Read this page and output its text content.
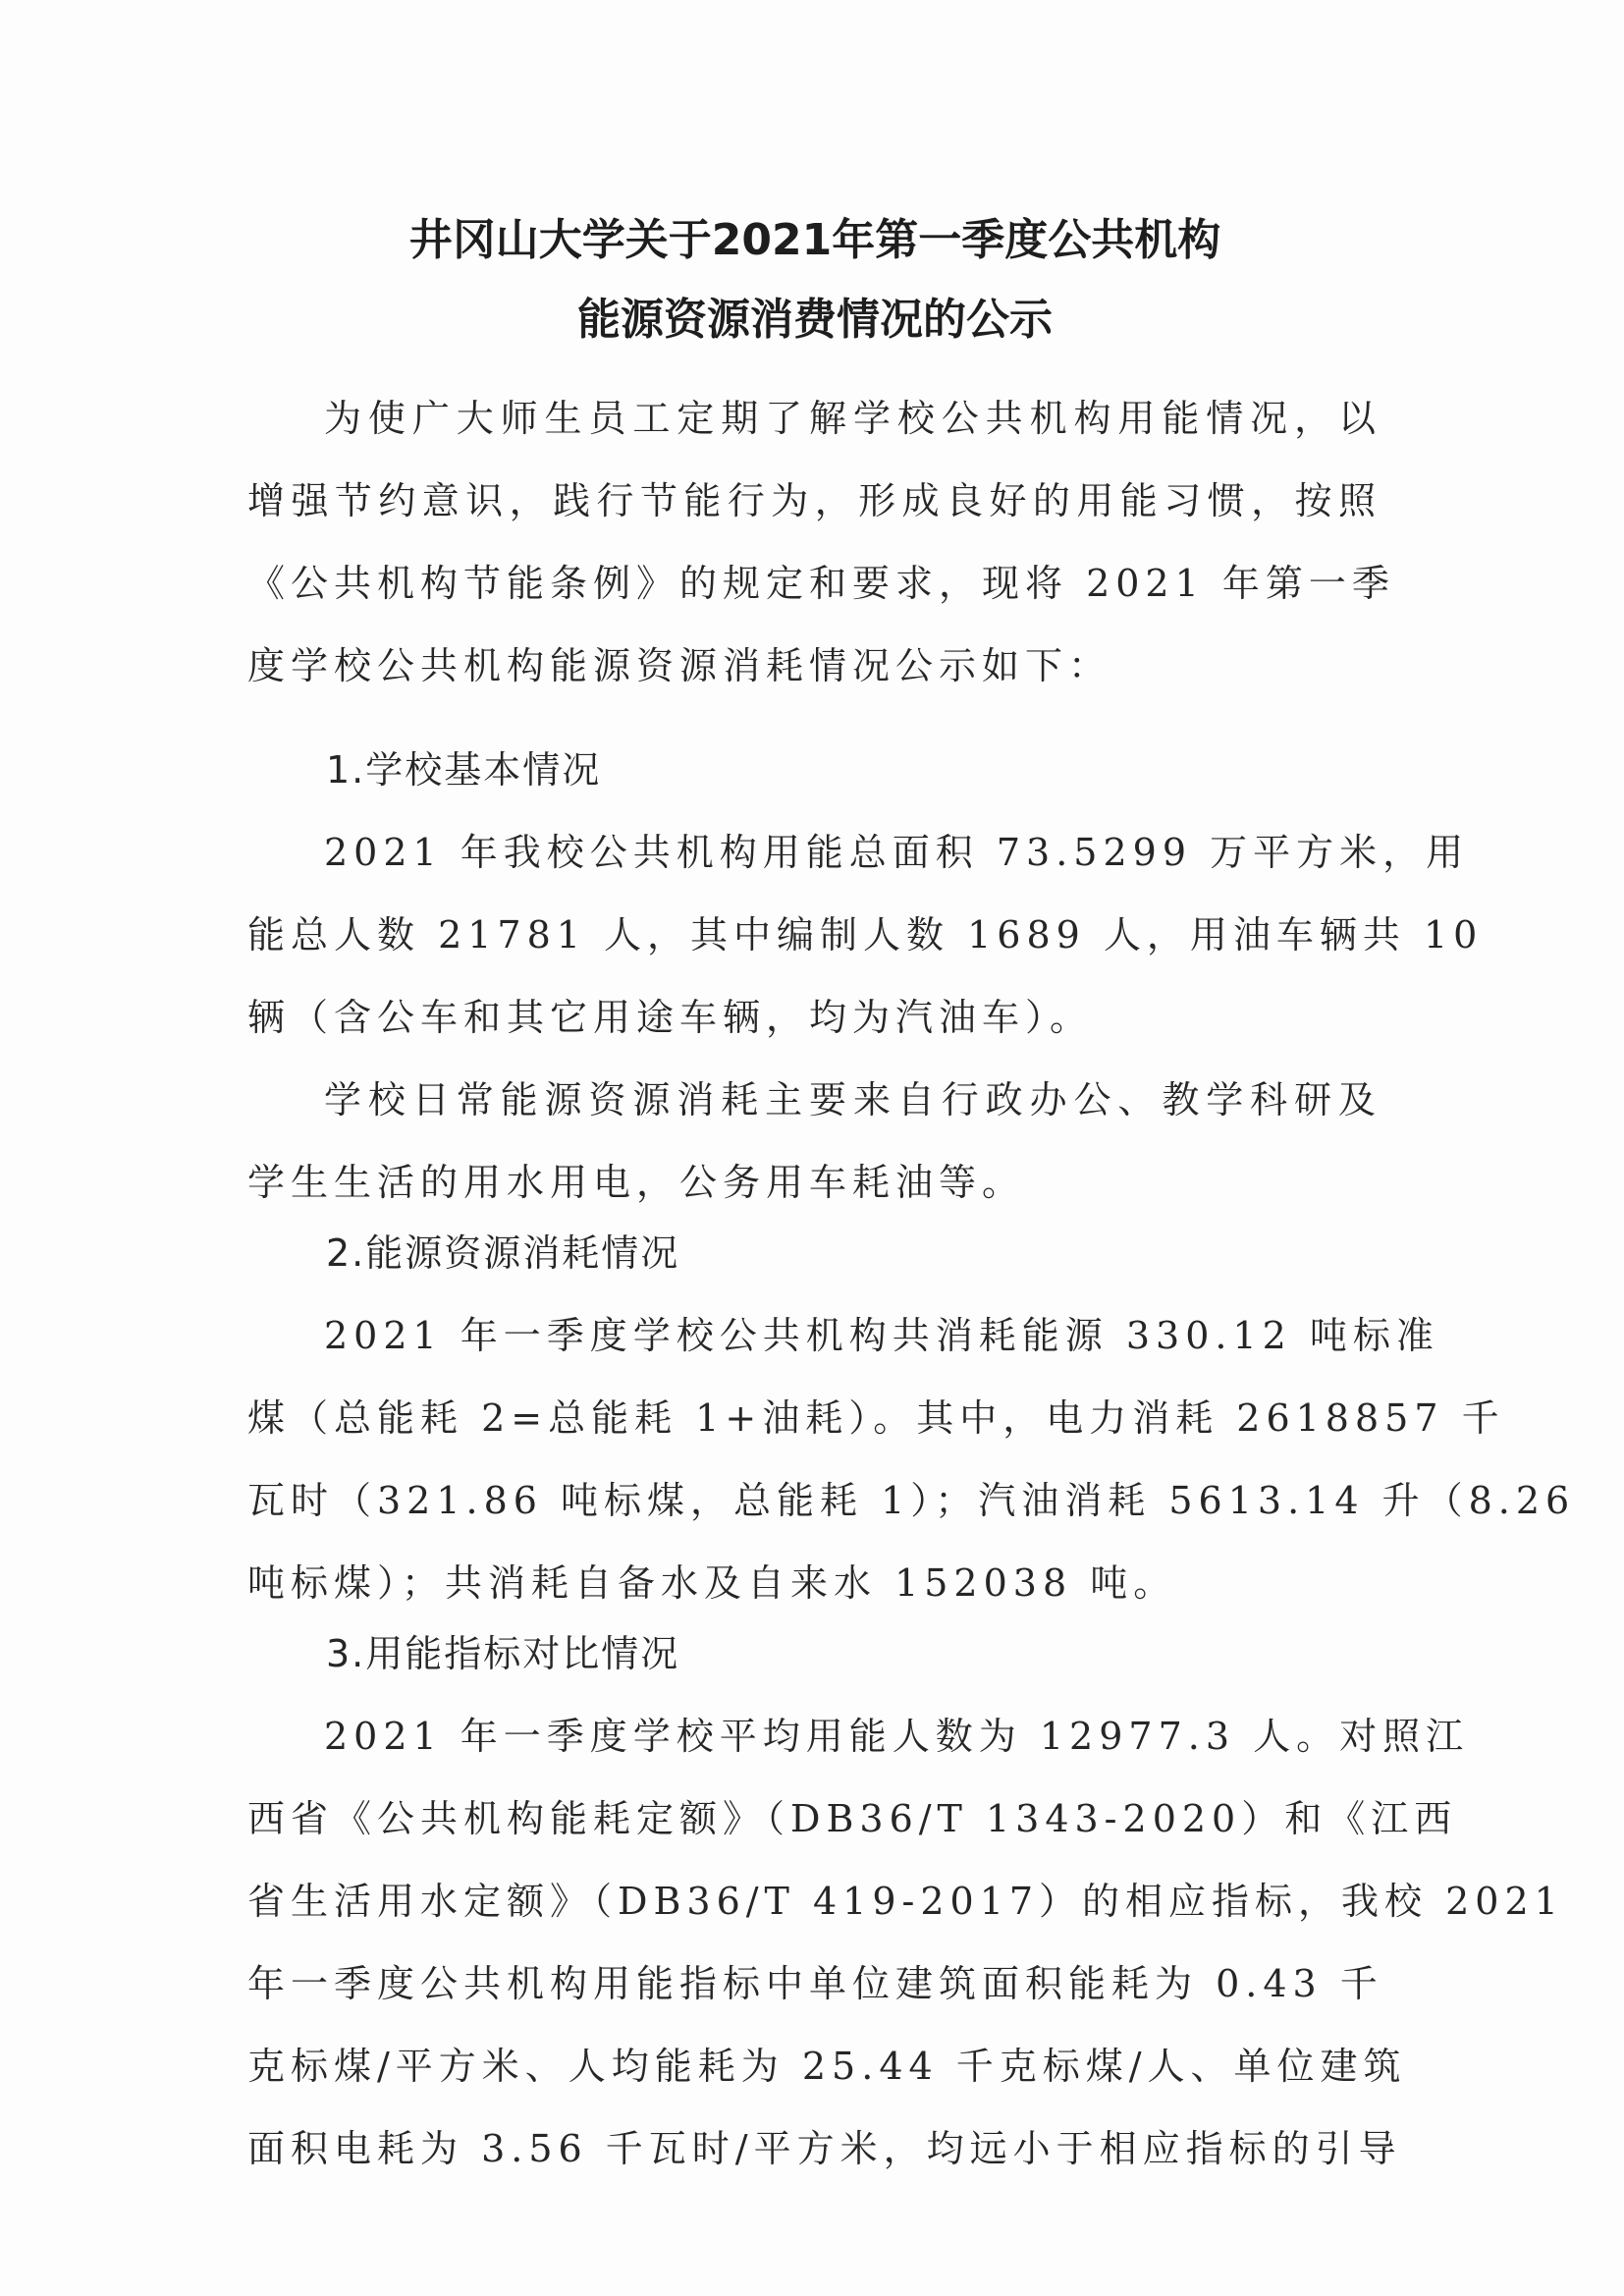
井冈山大学关于2021年第一季度公共机构
能源资源消费情况的公示
为使广大师生员工定期了解学校公共机构用能情况，以
增强节约意识，践行节能行为，形成良好的用能习惯，按照
《公共机构节能条例》的规定和要求，现将 2021 年第一季
度学校公共机构能源资源消耗情况公示如下：
1.学校基本情况
2021 年我校公共机构用能总面积 73.5299 万平方米，用
能总人数 21781 人，其中编制人数 1689 人，用油车辆共 10
辆（含公车和其它用途车辆，均为汽油车）。
学校日常能源资源消耗主要来自行政办公、教学科研及
学生生活的用水用电，公务用车耗油等。
2.能源资源消耗情况
2021 年一季度学校公共机构共消耗能源 330.12 吨标准
煤（总能耗 2=总能耗 1+油耗）。其中，电力消耗 2618857 千
瓦时（321.86 吨标煤，总能耗 1）；汽油消耗 5613.14 升（8.26
吨标煤）；共消耗自备水及自来水 152038 吨。
3.用能指标对比情况
2021 年一季度学校平均用能人数为 12977.3 人。对照江
西省《公共机构能耗定额》（DB36/T 1343-2020）和《江西
省生活用水定额》（DB36/T 419-2017）的相应指标，我校 2021
年一季度公共机构用能指标中单位建筑面积能耗为 0.43 千
克标煤/平方米、人均能耗为 25.44 千克标煤/人、单位建筑
面积电耗为 3.56 千瓦时/平方米，均远小于相应指标的引导
